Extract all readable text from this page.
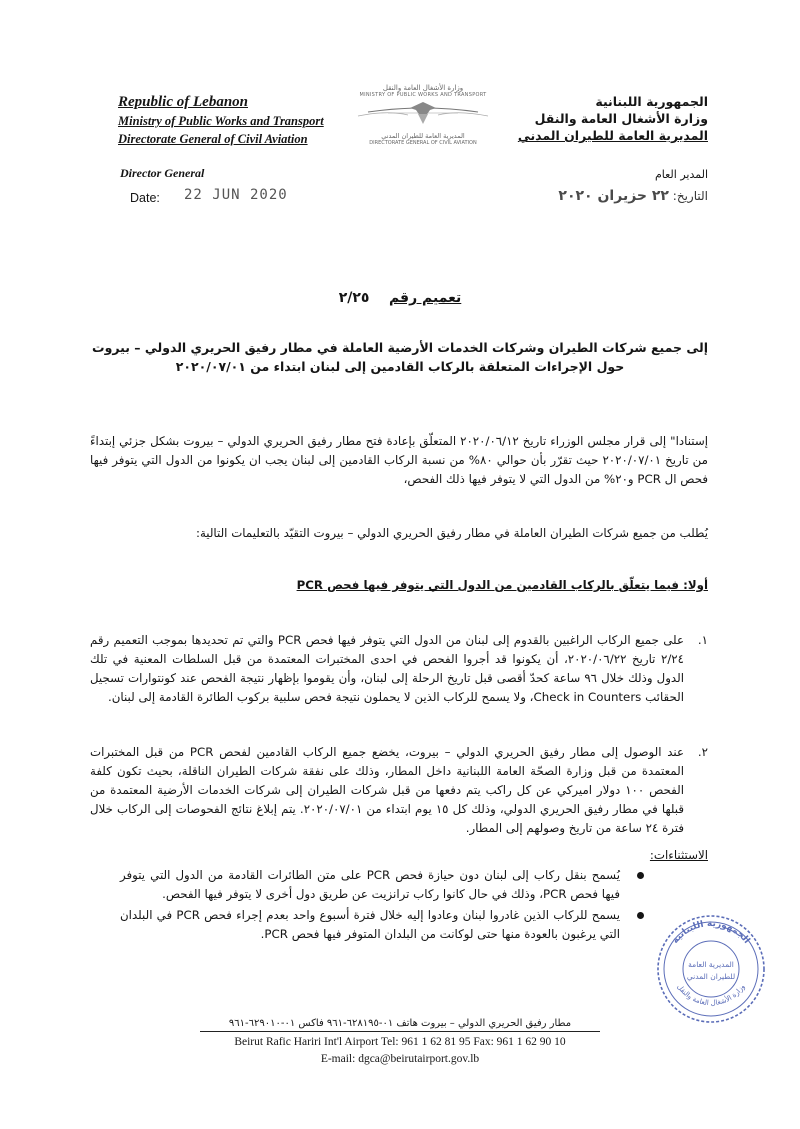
Republic of Lebanon
Ministry of Public Works and Transport
Directorate General of Civil Aviation
وزارة الأشغال العامة والنقل
MINISTRY OF PUBLIC WORKS AND TRANSPORT
المديرية العامة للطيران المدني
DIRECTORATE GENERAL OF CIVIL AVIATION
الجمهورية اللبنانية
وزارة الأشغال العامة والنقل
المديرية العامة للطيران المدني
Director General
Date: 22 JUN 2020
المدير العام
التاريخ: ٢٢ حزيران ٢٠٢٠
تعميم رقم    ٢/٢٥
إلى جميع شركات الطيران وشركات الخدمات الأرضية العاملة في مطار رفيق الحريري الدولي – بيروت
حول الإجراءات المتعلقة بالركاب القادمين إلى لبنان ابتداء من ٢٠٢٠/٠٧/٠١
إستنادا" إلى قرار مجلس الوزراء تاريخ ٢٠٢٠/٠٦/١٢ المتعلّق بإعادة فتح مطار رفيق الحريري الدولي – بيروت بشكل جزئي إبتداءً من تاريخ ٢٠٢٠/٠٧/٠١ حيث تقرّر بأن حوالي ٨٠% من نسبة الركاب القادمين إلى لبنان يجب ان يكونوا من الدول التي يتوفر فيها فحص ال PCR و٢٠% من الدول التي لا يتوفر فيها ذلك الفحص،
يُطلب من جميع شركات الطيران العاملة في مطار رفيق الحريري الدولي – بيروت التقيّد بالتعليمات التالية:
أولا: فيما يتعلّق بالركاب القادمين من الدول التي يتوفر فيها فحص PCR
١.
على جميع الركاب الراغبين بالقدوم إلى لبنان من الدول التي يتوفر فيها فحص PCR والتي تم تحديدها بموجب التعميم رقم ٢/٢٤ تاريخ ٢٠٢٠/٠٦/٢٢، أن يكونوا قد أجروا الفحص في احدى المختبرات المعتمدة من قبل السلطات المعنية في تلك الدول وذلك خلال ٩٦ ساعة كحدّ أقصى قبل تاريخ الرحلة إلى لبنان، وأن يقوموا بإظهار نتيجة الفحص عند كونتوارات تسجيل الحقائب Check in Counters، ولا يسمح للركاب الذين لا يحملون نتيجة فحص سلبية بركوب الطائرة القادمة إلى لبنان.
٢.
عند الوصول إلى مطار رفيق الحريري الدولي – بيروت، يخضع جميع الركاب القادمين لفحص PCR من قبل المختبرات المعتمدة من قبل وزارة الصحّة العامة اللبنانية داخل المطار، وذلك على نفقة شركات الطيران الناقلة، بحيث تكون كلفة الفحص ١٠٠ دولار اميركي عن كل راكب يتم دفعها من قبل شركات الطيران إلى شركات الخدمات الأرضية المعتمدة من قبلها في مطار رفيق الحريري الدولي، وذلك كل ١٥ يوم ابتداء من ٢٠٢٠/٠٧/٠١. يتم إبلاغ نتائج الفحوصات إلى الركاب خلال فترة ٢٤ ساعة من تاريخ وصولهم إلى المطار.
الاستثناءات:
يُسمح بنقل ركاب إلى لبنان دون حيازة فحص PCR على متن الطائرات القادمة من الدول التي يتوفر فيها فحص PCR، وذلك في حال كانوا ركاب ترانزيت عن طريق دول أخرى لا يتوفر فيها الفحص.
يسمح للركاب الذين غادروا لبنان وعادوا إليه خلال فترة أسبوع واحد بعدم إجراء فحص PCR في البلدان التي يرغبون بالعودة منها حتى لوكانت من البلدان المتوفر فيها فحص PCR.	الجمهورية اللبنانية
وزارة الأشغال العامة والنقل
المديرية العامة
للطيران المدني
مطار رفيق الحريري الدولي – بيروت هاتف ٠١-٦٢٨١٩٥-٩٦١ فاكس ٠١-٦٢٩٠١٠-٩٦١
Beirut Rafic Hariri Int'l Airport Tel: 961 1 62 81 95 Fax: 961 1 62 90 10
E-mail: dgca@beirutairport.gov.lb
